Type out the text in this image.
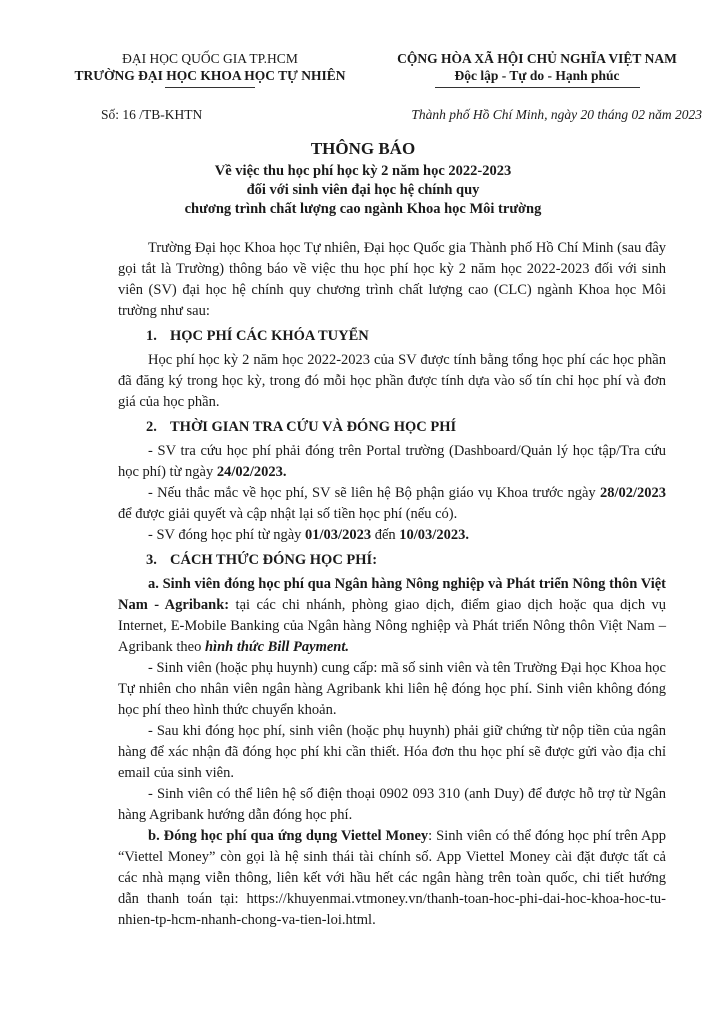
ĐẠI HỌC QUỐC GIA TP.HCM
TRƯỜNG ĐẠI HỌC KHOA HỌC TỰ NHIÊN
CỘNG HÒA XÃ HỘI CHỦ NGHĨA VIỆT NAM
Độc lập - Tự do - Hạnh phúc
Số: 16 /TB-KHTN	Thành phố Hồ Chí Minh, ngày 20 tháng 02 năm 2023
THÔNG BÁO
Về việc thu học phí học kỳ 2 năm học 2022-2023
đối với sinh viên đại học hệ chính quy
chương trình chất lượng cao ngành Khoa học Môi trường

Trường Đại học Khoa học Tự nhiên, Đại học Quốc gia Thành phố Hồ Chí Minh (sau đây gọi tắt là Trường) thông báo về việc thu học phí học kỳ 2 năm học 2022-2023 đối với sinh viên (SV) đại học hệ chính quy chương trình chất lượng cao (CLC) ngành Khoa học Môi trường như sau:

1. HỌC PHÍ CÁC KHÓA TUYỂN

Học phí học kỳ 2 năm học 2022-2023 của SV được tính bằng tổng học phí các học phần đã đăng ký trong học kỳ, trong đó mỗi học phần được tính dựa vào số tín chỉ học phí và đơn giá của học phần.

2. THỜI GIAN TRA CỨU VÀ ĐÓNG HỌC PHÍ

- SV tra cứu học phí phải đóng trên Portal trường (Dashboard/Quản lý học tập/Tra cứu học phí) từ ngày 24/02/2023.

- Nếu thắc mắc về học phí, SV sẽ liên hệ Bộ phận giáo vụ Khoa trước ngày 28/02/2023 để được giải quyết và cập nhật lại số tiền học phí (nếu có).

- SV đóng học phí từ ngày 01/03/2023 đến 10/03/2023.

3. CÁCH THỨC ĐÓNG HỌC PHÍ:

a. Sinh viên đóng học phí qua Ngân hàng Nông nghiệp và Phát triển Nông thôn Việt Nam - Agribank: tại các chi nhánh, phòng giao dịch, điểm giao dịch hoặc qua dịch vụ Internet, E-Mobile Banking của Ngân hàng Nông nghiệp và Phát triển Nông thôn Việt Nam – Agribank theo hình thức Bill Payment.

- Sinh viên (hoặc phụ huynh) cung cấp: mã số sinh viên và tên Trường Đại học Khoa học Tự nhiên cho nhân viên ngân hàng Agribank khi liên hệ đóng học phí. Sinh viên không đóng học phí theo hình thức chuyển khoản.

- Sau khi đóng học phí, sinh viên (hoặc phụ huynh) phải giữ chứng từ nộp tiền của ngân hàng để xác nhận đã đóng học phí khi cần thiết. Hóa đơn thu học phí sẽ được gửi vào địa chỉ email của sinh viên.

- Sinh viên có thể liên hệ số điện thoại 0902 093 310 (anh Duy) để được hỗ trợ từ Ngân hàng Agribank hướng dẫn đóng học phí.

b. Đóng học phí qua ứng dụng Viettel Money: Sinh viên có thể đóng học phí trên App “Viettel Money” còn gọi là hệ sinh thái tài chính số. App Viettel Money cài đặt được tất cả các nhà mạng viễn thông, liên kết với hầu hết các ngân hàng trên toàn quốc, chi tiết hướng dẫn thanh toán tại: https://khuyenmai.vtmoney.vn/thanh-toan-hoc-phi-dai-hoc-khoa-hoc-tu-nhien-tp-hcm-nhanh-chong-va-tien-loi.html.
